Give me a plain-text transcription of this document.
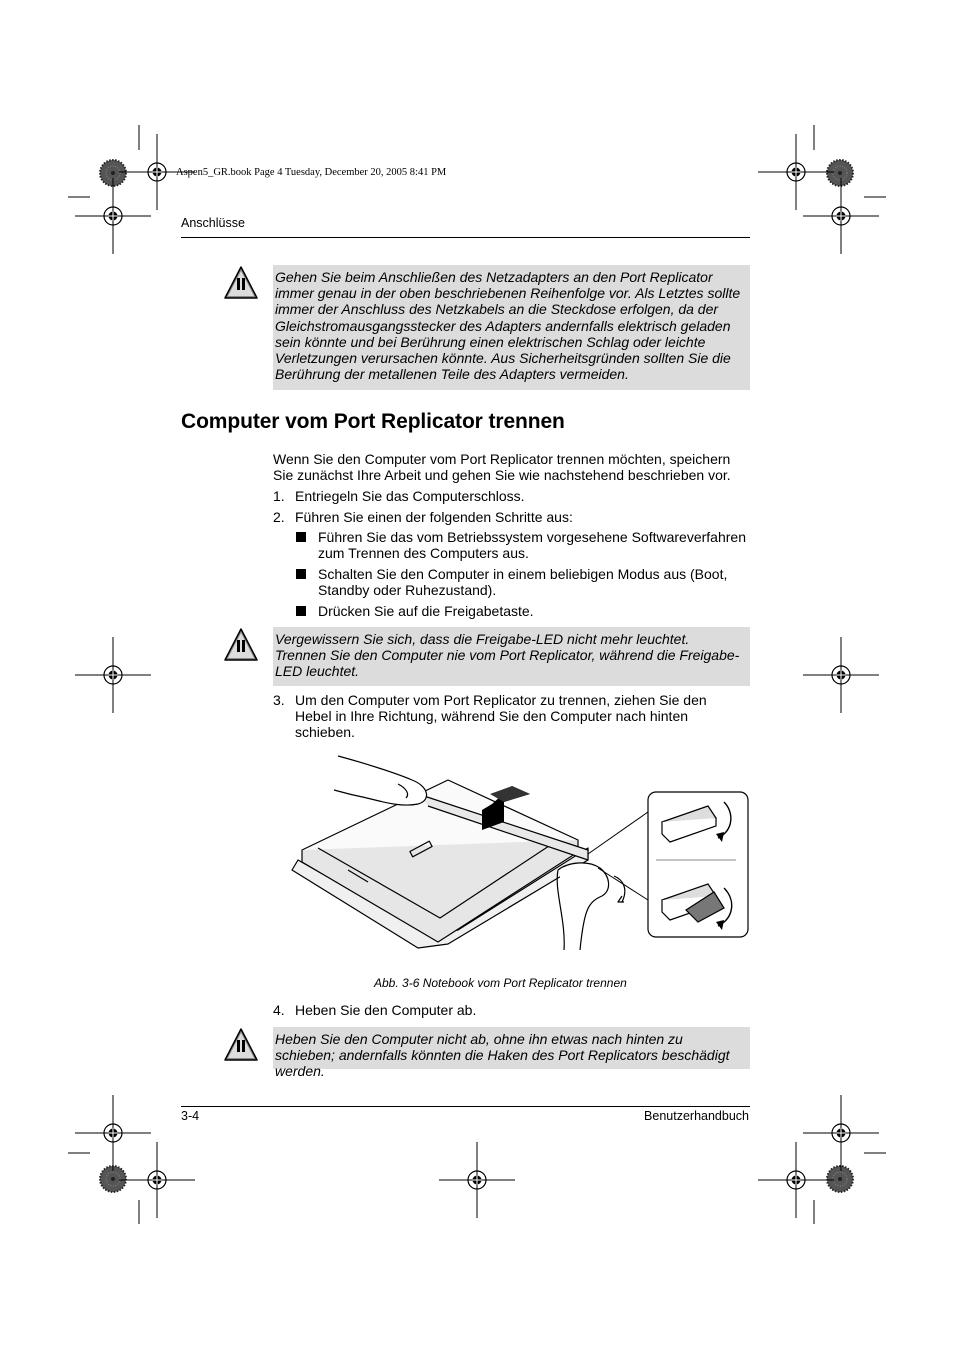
Aspen5_GR.book Page 4 Tuesday, December 20, 2005 8:41 PM
Anschlüsse
Gehen Sie beim Anschließen des Netzadapters an den Port Replicator immer genau in der oben beschriebenen Reihenfolge vor. Als Letztes sollte immer der Anschluss des Netzkabels an die Steckdose erfolgen, da der Gleichstromausgangsstecker des Adapters andernfalls elektrisch geladen sein könnte und bei Berührung einen elektrischen Schlag oder leichte Verletzungen verursachen könnte. Aus Sicherheitsgründen sollten Sie die Berührung der metallenen Teile des Adapters vermeiden.
Computer vom Port Replicator trennen
Wenn Sie den Computer vom Port Replicator trennen möchten, speichern Sie zunächst Ihre Arbeit und gehen Sie wie nachstehend beschrieben vor.
1. Entriegeln Sie das Computerschloss.
2. Führen Sie einen der folgenden Schritte aus:
Führen Sie das vom Betriebssystem vorgesehene Softwareverfahren zum Trennen des Computers aus.
Schalten Sie den Computer in einem beliebigen Modus aus (Boot, Standby oder Ruhezustand).
Drücken Sie auf die Freigabetaste.
Vergewissern Sie sich, dass die Freigabe-LED nicht mehr leuchtet. Trennen Sie den Computer nie vom Port Replicator, während die Freigabe-LED leuchtet.
3. Um den Computer vom Port Replicator zu trennen, ziehen Sie den Hebel in Ihre Richtung, während Sie den Computer nach hinten schieben.
Abb. 3-6 Notebook vom Port Replicator trennen
4. Heben Sie den Computer ab.
Heben Sie den Computer nicht ab, ohne ihn etwas nach hinten zu schieben; andernfalls könnten die Haken des Port Replicators beschädigt werden.
3-4	Benutzerhandbuch
